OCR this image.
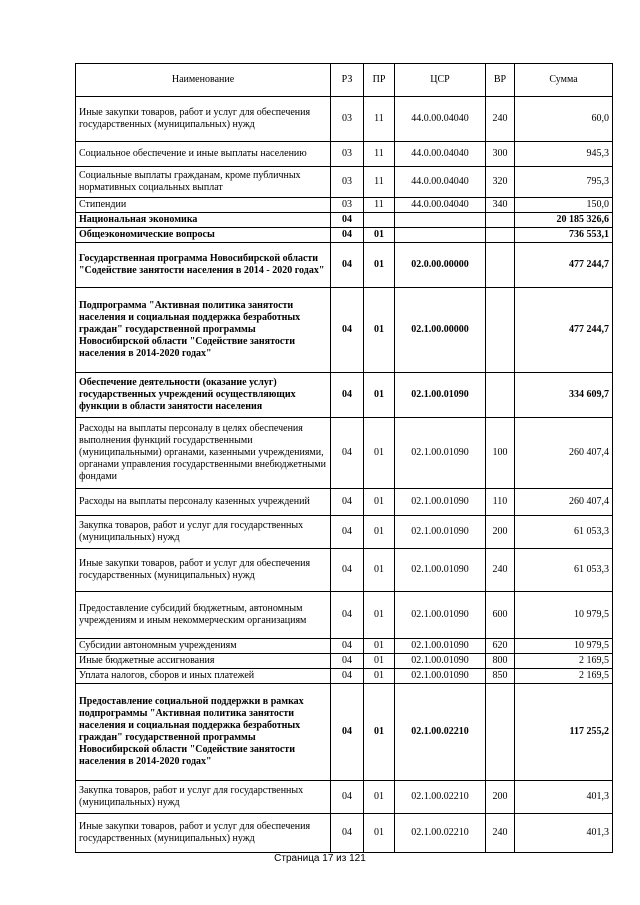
Наименование	РЗ	ПР	ЦСР	ВР	Сумма
Иные закупки товаров, работ и услуг для обеспечения государственных (муниципальных) нужд	03	11	44.0.00.04040	240	60,0
Социальное обеспечение и иные выплаты населению	03	11	44.0.00.04040	300	945,3
Социальные выплаты гражданам, кроме публичных нормативных социальных выплат	03	11	44.0.00.04040	320	795,3
Стипендии	03	11	44.0.00.04040	340	150,0
Национальная экономика	04				20 185 326,6
Общеэкономические вопросы	04	01			736 553,1
Государственная программа Новосибирской области "Содействие занятости населения в 2014 - 2020 годах"	04	01	02.0.00.00000		477 244,7
Подпрограмма "Активная политика занятости населения и социальная поддержка безработных граждан" государственной программы Новосибирской области "Содействие занятости населения в 2014-2020 годах"	04	01	02.1.00.00000		477 244,7
Обеспечение деятельности (оказание услуг) государственных учреждений осуществляющих функции в области занятости населения	04	01	02.1.00.01090		334 609,7
Расходы на выплаты персоналу в целях обеспечения выполнения функций государственными (муниципальными) органами, казенными учреждениями, органами управления государственными внебюджетными фондами	04	01	02.1.00.01090	100	260 407,4
Расходы на выплаты персоналу казенных учреждений	04	01	02.1.00.01090	110	260 407,4
Закупка товаров, работ и услуг для государственных (муниципальных) нужд	04	01	02.1.00.01090	200	61 053,3
Иные закупки товаров, работ и услуг для обеспечения государственных (муниципальных) нужд	04	01	02.1.00.01090	240	61 053,3
Предоставление субсидий бюджетным, автономным учреждениям и иным некоммерческим организациям	04	01	02.1.00.01090	600	10 979,5
Субсидии автономным учреждениям	04	01	02.1.00.01090	620	10 979,5
Иные бюджетные ассигнования	04	01	02.1.00.01090	800	2 169,5
Уплата налогов, сборов и иных платежей	04	01	02.1.00.01090	850	2 169,5
Предоставление социальной поддержки в рамках подпрограммы "Активная политика занятости населения и социальная поддержка безработных граждан" государственной программы Новосибирской области "Содействие занятости населения в 2014-2020 годах"	04	01	02.1.00.02210		117 255,2
Закупка товаров, работ и услуг для государственных (муниципальных) нужд	04	01	02.1.00.02210	200	401,3
Иные закупки товаров, работ и услуг для обеспечения государственных (муниципальных) нужд	04	01	02.1.00.02210	240	401,3
Страница 17 из 121
